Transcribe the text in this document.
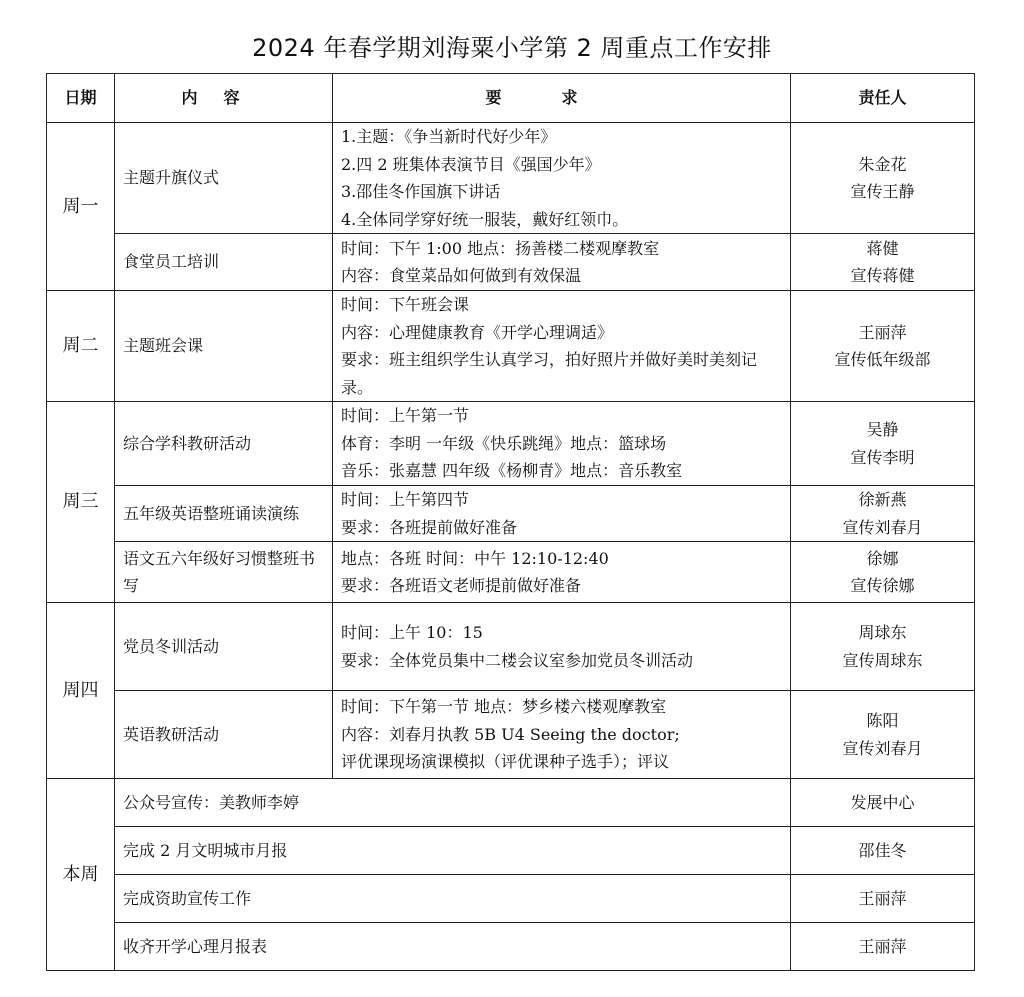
2024 年春学期刘海粟小学第 2 周重点工作安排
日期	内容	要求	责任人
周一	主题升旗仪式	1.主题：《争当新时代好少年》
2.四 2 班集体表演节目《强国少年》
3.邵佳冬作国旗下讲话
4.全体同学穿好统一服装，戴好红领巾。	朱金花
宣传王静

	食堂员工培训	时间：下午 1:00 地点：扬善楼二楼观摩教室
内容：食堂菜品如何做到有效保温	蒋健
宣传蒋健

周二	主题班会课	时间：下午班会课
内容：心理健康教育《开学心理调适》
要求：班主组织学生认真学习，拍好照片并做好美时美刻记录。	王丽萍
宣传低年级部

周三	综合学科教研活动	时间：上午第一节
体育：李明 一年级《快乐跳绳》地点：篮球场
音乐：张嘉慧 四年级《杨柳青》地点：音乐教室	吴静
宣传李明

	五年级英语整班诵读演练	时间：上午第四节
要求：各班提前做好准备	徐新燕
宣传刘春月

	语文五六年级好习惯整班书写	地点：各班 时间：中午 12:10-12:40
要求：各班语文老师提前做好准备	徐娜
宣传徐娜

周四	党员冬训活动	时间：上午 10：15
要求：全体党员集中二楼会议室参加党员冬训活动	周球东
宣传周球东

	英语教研活动	时间：下午第一节 地点：梦乡楼六楼观摩教室
内容：刘春月执教 5B U4 Seeing the doctor;
评优课现场演课模拟（评优课种子选手）；评议	陈阳
宣传刘春月

本周	公众号宣传：美教师李婷		发展中心

	完成 2 月文明城市月报		邵佳冬

	完成资助宣传工作		王丽萍

	收齐开学心理月报表		王丽萍
